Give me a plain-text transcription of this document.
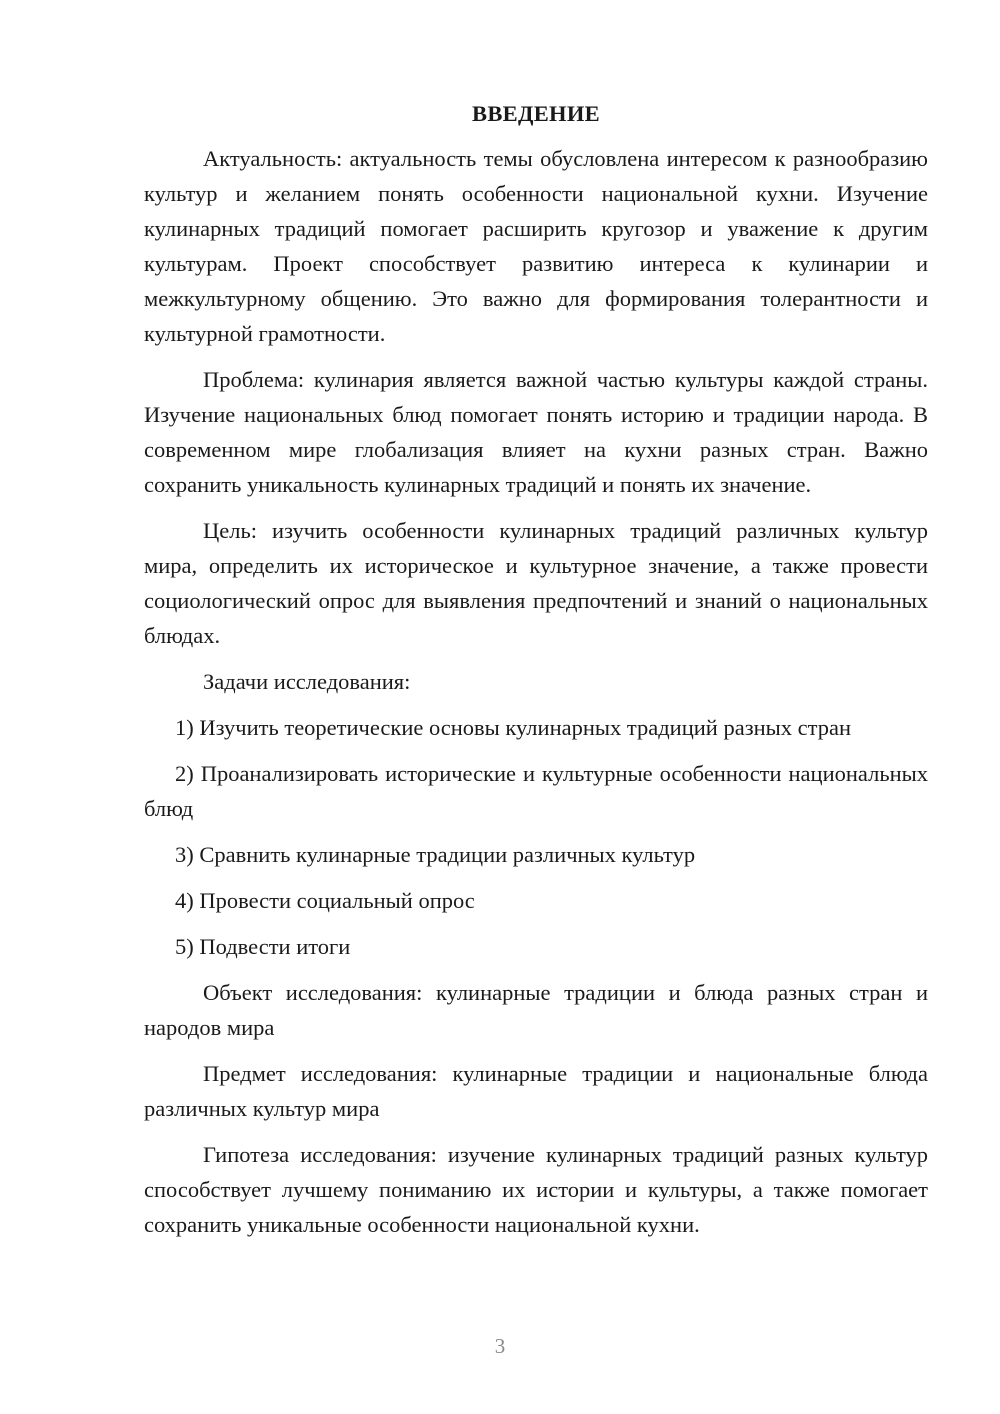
ВВЕДЕНИЕ

Актуальность: актуальность темы обусловлена интересом к разнообразию культур и желанием понять особенности национальной кухни. Изучение кулинарных традиций помогает расширить кругозор и уважение к другим культурам. Проект способствует развитию интереса к кулинарии и межкультурному общению. Это важно для формирования толерантности и культурной грамотности.

Проблема: кулинария является важной частью культуры каждой страны. Изучение национальных блюд помогает понять историю и традиции народа. В современном мире глобализация влияет на кухни разных стран. Важно сохранить уникальность кулинарных традиций и понять их значение.

Цель: изучить особенности кулинарных традиций различных культур мира, определить их историческое и культурное значение, а также провести социологический опрос для выявления предпочтений и знаний о национальных блюдах.

Задачи исследования:

1) Изучить теоретические основы кулинарных традиций разных стран

2) Проанализировать исторические и культурные особенности национальных блюд

3) Сравнить кулинарные традиции различных культур

4) Провести социальный опрос

5) Подвести итоги

Объект исследования: кулинарные традиции и блюда разных стран и народов мира

Предмет исследования: кулинарные традиции и национальные блюда различных культур мира

Гипотеза исследования: изучение кулинарных традиций разных культур способствует лучшему пониманию их истории и культуры, а также помогает сохранить уникальные особенности национальной кухни.

3
